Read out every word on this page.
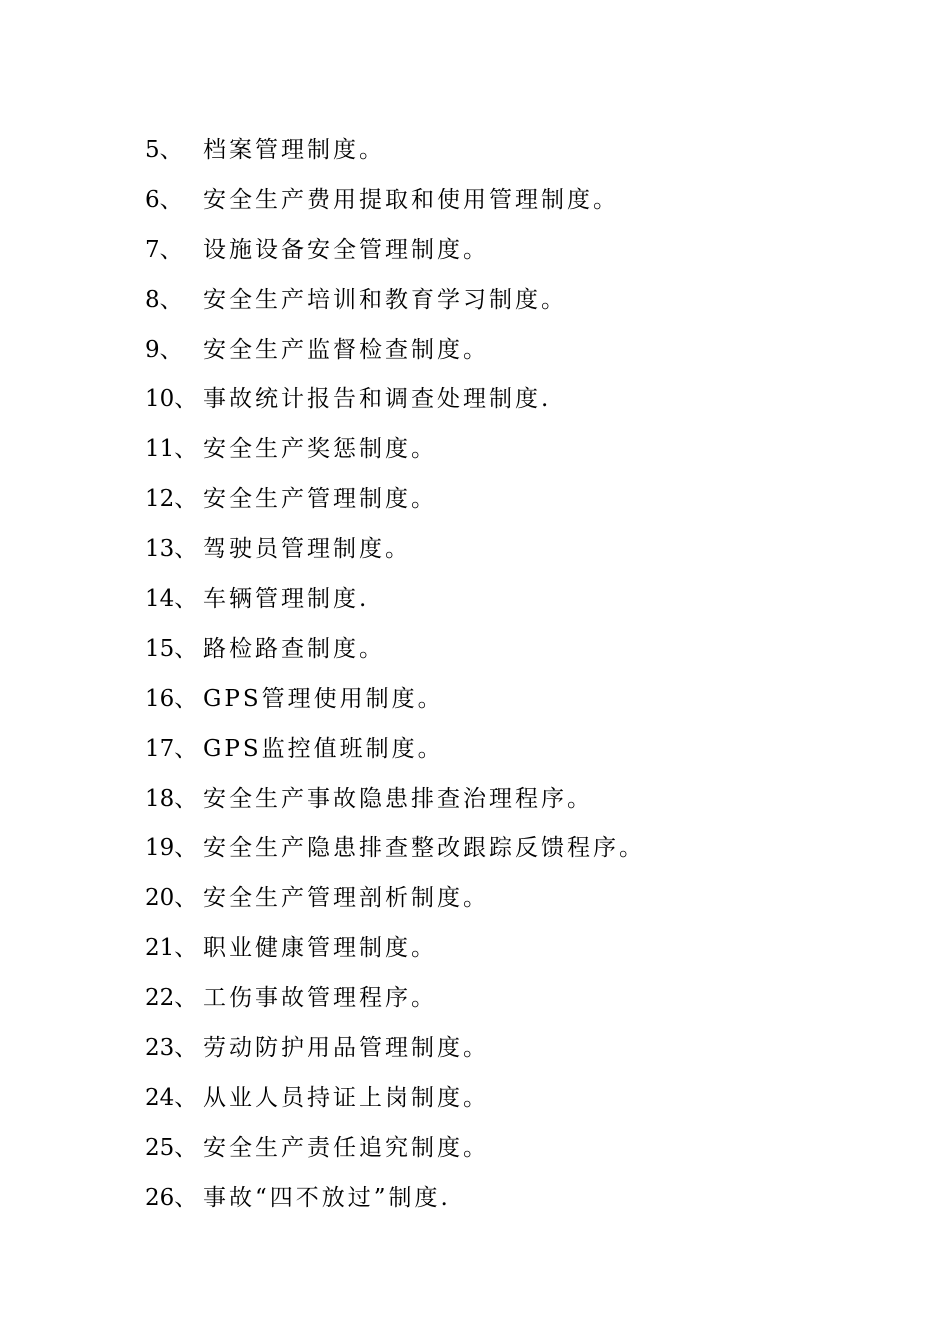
5、 档案管理制度。
6、 安全生产费用提取和使用管理制度。
7、 设施设备安全管理制度。
8、 安全生产培训和教育学习制度。
9、 安全生产监督检查制度。
10、 事故统计报告和调查处理制度.
11、 安全生产奖惩制度。
12、 安全生产管理制度。
13、 驾驶员管理制度。
14、 车辆管理制度.
15、 路检路查制度。
16、 GPS管理使用制度。
17、 GPS监控值班制度。
18、 安全生产事故隐患排查治理程序。
19、 安全生产隐患排查整改跟踪反馈程序。
20、 安全生产管理剖析制度。
21、 职业健康管理制度。
22、 工伤事故管理程序。
23、 劳动防护用品管理制度。
24、 从业人员持证上岗制度。
25、 安全生产责任追究制度。
26、 事故“四不放过”制度.
